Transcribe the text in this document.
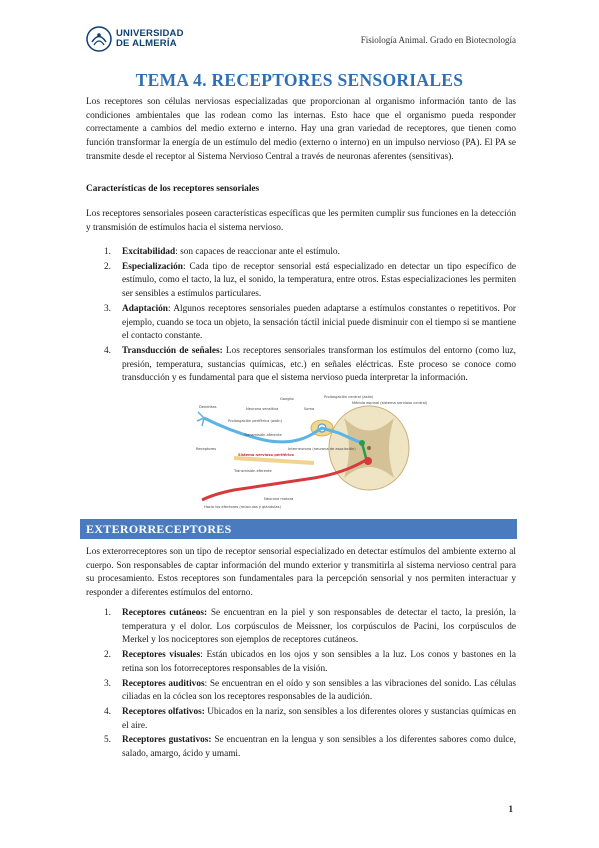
UNIVERSIDAD
DE ALMERÍA	Fisiología Animal. Grado en Biotecnología
TEMA 4. RECEPTORES SENSORIALES
Los receptores son células nerviosas especializadas que proporcionan al organismo información tanto de las condiciones ambientales que las rodean como las internas. Esto hace que el organismo pueda responder correctamente a cambios del medio externo e interno. Hay una gran variedad de receptores, que tienen como función transformar la energía de un estímulo del medio (externo o interno) en un impulso nervioso (PA). El PA se transmite desde el receptor al Sistema Nervioso Central a través de neuronas aferentes (sensitivas).
Características de los receptores sensoriales
Los receptores sensoriales poseen características específicas que les permiten cumplir sus funciones en la detección y transmisión de estímulos hacia el sistema nervioso.
1. Excitabilidad: son capaces de reaccionar ante el estímulo.
2. Especialización: Cada tipo de receptor sensorial está especializado en detectar un tipo específico de estímulo, como el tacto, la luz, el sonido, la temperatura, entre otros. Estas especializaciones les permiten ser sensibles a estímulos particulares.
3. Adaptación: Algunos receptores sensoriales pueden adaptarse a estímulos constantes o repetitivos. Por ejemplo, cuando se toca un objeto, la sensación táctil inicial puede disminuir con el tiempo si se mantiene el contacto constante.
4. Transducción de señales: Los receptores sensoriales transforman los estímulos del entorno (como luz, presión, temperatura, sustancias químicas, etc.) en señales eléctricas. Este proceso se conoce como transducción y es fundamental para que el sistema nervioso pueda interpretar la información.
Dendritas	Neurona sensitiva
Prolongación periférica (axón)
Transmisión aferente
Receptores
Sistema nervioso periférico
Transmisión eferente
Hacia los efectores (músculos y glándulas)
Neurona motora
Interneurona (neurona de asociación)
Ganglio
Soma
Prolongación central (axón)
Médula espinal (sistema nervioso central)
EXTERORRECEPTORES
Los exterorreceptores son un tipo de receptor sensorial especializado en detectar estímulos del ambiente externo al cuerpo. Son responsables de captar información del mundo exterior y transmitirla al sistema nervioso central para su procesamiento. Estos receptores son fundamentales para la percepción sensorial y nos permiten interactuar y responder a diferentes estímulos del entorno.
1. Receptores cutáneos: Se encuentran en la piel y son responsables de detectar el tacto, la presión, la temperatura y el dolor. Los corpúsculos de Meissner, los corpúsculos de Pacini, los corpúsculos de Merkel y los nociceptores son ejemplos de receptores cutáneos.
2. Receptores visuales: Están ubicados en los ojos y son sensibles a la luz. Los conos y bastones en la retina son los fotorreceptores responsables de la visión.
3. Receptores auditivos: Se encuentran en el oído y son sensibles a las vibraciones del sonido. Las células ciliadas en la cóclea son los receptores responsables de la audición.
4. Receptores olfativos: Ubicados en la nariz, son sensibles a los diferentes olores y sustancias químicas en el aire.
5. Receptores gustativos: Se encuentran en la lengua y son sensibles a los diferentes sabores como dulce, salado, amargo, ácido y umami.
1
